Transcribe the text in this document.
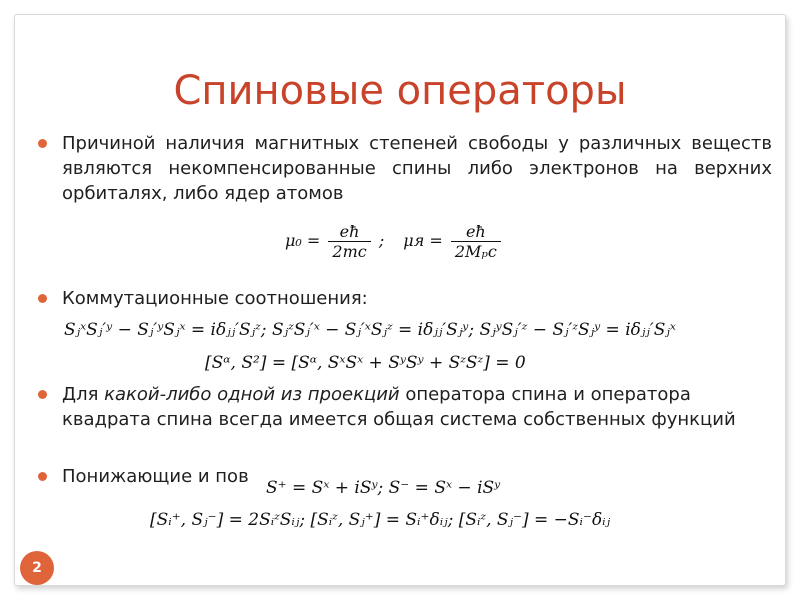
Спиновые операторы
Причиной наличия магнитных степеней свободы у различных веществ являются некомпенсированные спины либо электронов на верхних орбиталях, либо ядер атомов
$\mu_0 = \frac{eħ}{2mc}$ ; $\mu я = \frac{eħ}{\text{2Mₚc}}$
Коммутационные соотношения:
SⱼˣSⱼ′ʸ − Sⱼ′ʸSⱼˣ = iδⱼⱼ′Sⱼᶻ; SⱼᶻSⱼ′ˣ − Sⱼ′ˣSⱼᶻ = iδⱼⱼ′Sⱼʸ; SⱼʸSⱼ′ᶻ − Sⱼ′ᶻSⱼʸ = iδⱼⱼ′Sⱼˣ
[Sᵅ, S²] = [Sᵅ, SˣSˣ + SʸSʸ + SᶻSᶻ] = 0
Для какой-либо одной из проекций оператора спина и оператора квадрата спина всегда имеется общая система собственных функций
Понижающие и пов
S⁺ = Sˣ + iSʸ; S⁻ = Sˣ − iSʸ
[Sᵢ⁺, Sⱼ⁻] = 2SᵢᶻSᵢⱼ; [Sᵢᶻ, Sⱼ⁺] = Sᵢ⁺δᵢⱼ; [Sᵢᶻ, Sⱼ⁻] = −Sᵢ⁻δᵢⱼ
2
